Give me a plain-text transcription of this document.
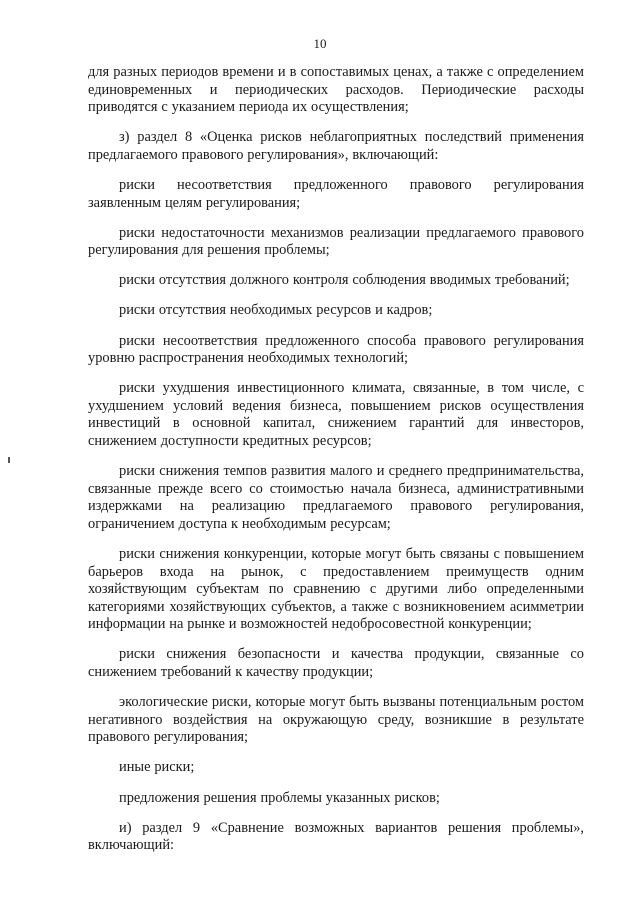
10

для разных периодов времени и в сопоставимых ценах, а также с определением единовременных и периодических расходов. Периодические расходы приводятся с указанием периода их осуществления;

з) раздел 8 «Оценка рисков неблагоприятных последствий применения предлагаемого правового регулирования», включающий:

риски несоответствия предложенного правового регулирования заявленным целям регулирования;

риски недостаточности механизмов реализации предлагаемого правового регулирования для решения проблемы;

риски отсутствия должного контроля соблюдения вводимых требований;

риски отсутствия необходимых ресурсов и кадров;

риски несоответствия предложенного способа правового регулирования уровню распространения необходимых технологий;

риски ухудшения инвестиционного климата, связанные, в том числе, с ухудшением условий ведения бизнеса, повышением рисков осуществления инвестиций в основной капитал, снижением гарантий для инвесторов, снижением доступности кредитных ресурсов;

риски снижения темпов развития малого и среднего предпринимательства, связанные прежде всего со стоимостью начала бизнеса, административными издержками на реализацию предлагаемого правового регулирования, ограничением доступа к необходимым ресурсам;

риски снижения конкуренции, которые могут быть связаны с повышением барьеров входа на рынок, с предоставлением преимуществ одним хозяйствующим субъектам по сравнению с другими либо определенными категориями хозяйствующих субъектов, а также с возникновением асимметрии информации на рынке и возможностей недобросовестной конкуренции;

риски снижения безопасности и качества продукции, связанные со снижением требований к качеству продукции;

экологические риски, которые могут быть вызваны потенциальным ростом негативного воздействия на окружающую среду, возникшие в результате правового регулирования;

иные риски;

предложения решения проблемы указанных рисков;

и) раздел 9 «Сравнение возможных вариантов решения проблемы», включающий:
